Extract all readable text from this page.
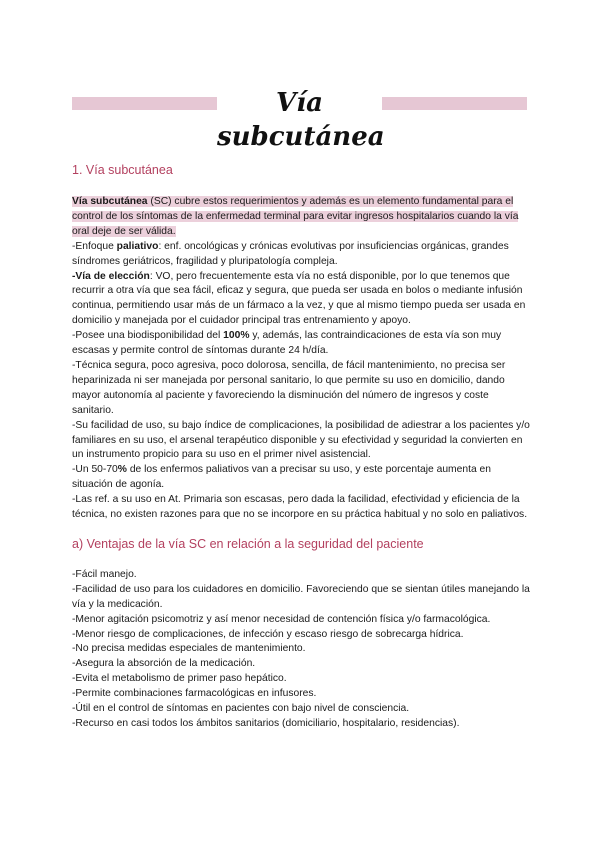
Vía subcutánea
1. Vía subcutánea

Vía subcutánea (SC) cubre estos requerimientos y además es un elemento fundamental para el control de los síntomas de la enfermedad terminal para evitar ingresos hospitalarios cuando la vía oral deje de ser válida.

-Enfoque paliativo: enf. oncológicas y crónicas evolutivas por insuficiencias orgánicas, grandes síndromes geriátricos, fragilidad y pluripatología compleja.

-Vía de elección: VO, pero frecuentemente esta vía no está disponible, por lo que tenemos que recurrir a otra vía que sea fácil, eficaz y segura, que pueda ser usada en bolos o mediante infusión continua, permitiendo usar más de un fármaco a la vez, y que al mismo tiempo pueda ser usada en domicilio y manejada por el cuidador principal tras entrenamiento y apoyo.

-Posee una biodisponibilidad del 100% y, además, las contraindicaciones de esta vía son muy escasas y permite control de síntomas durante 24 h/día.

-Técnica segura, poco agresiva, poco dolorosa, sencilla, de fácil mantenimiento, no precisa ser heparinizada ni ser manejada por personal sanitario, lo que permite su uso en domicilio, dando mayor autonomía al paciente y favoreciendo la disminución del número de ingresos y coste sanitario.

-Su facilidad de uso, su bajo índice de complicaciones, la posibilidad de adiestrar a los pacientes y/o familiares en su uso, el arsenal terapéutico disponible y su efectividad y seguridad la convierten en un instrumento propicio para su uso en el primer nivel asistencial.

-Un 50-70% de los enfermos paliativos van a precisar su uso, y este porcentaje aumenta en situación de agonía.

-Las ref. a su uso en At. Primaria son escasas, pero dada la facilidad, efectividad y eficiencia de la técnica, no existen razones para que no se incorpore en su práctica habitual y no solo en paliativos.

a) Ventajas de la vía SC en relación a la seguridad del paciente

-Fácil manejo.

-Facilidad de uso para los cuidadores en domicilio. Favoreciendo que se sientan útiles manejando la vía y la medicación.

-Menor agitación psicomotriz y así menor necesidad de contención física y/o farmacológica.

-Menor riesgo de complicaciones, de infección y escaso riesgo de sobrecarga hídrica.

-No precisa medidas especiales de mantenimiento.

-Asegura la absorción de la medicación.

-Evita el metabolismo de primer paso hepático.

-Permite combinaciones farmacológicas en infusores.

-Útil en el control de síntomas en pacientes con bajo nivel de consciencia.

-Recurso en casi todos los ámbitos sanitarios (domiciliario, hospitalario, residencias).
